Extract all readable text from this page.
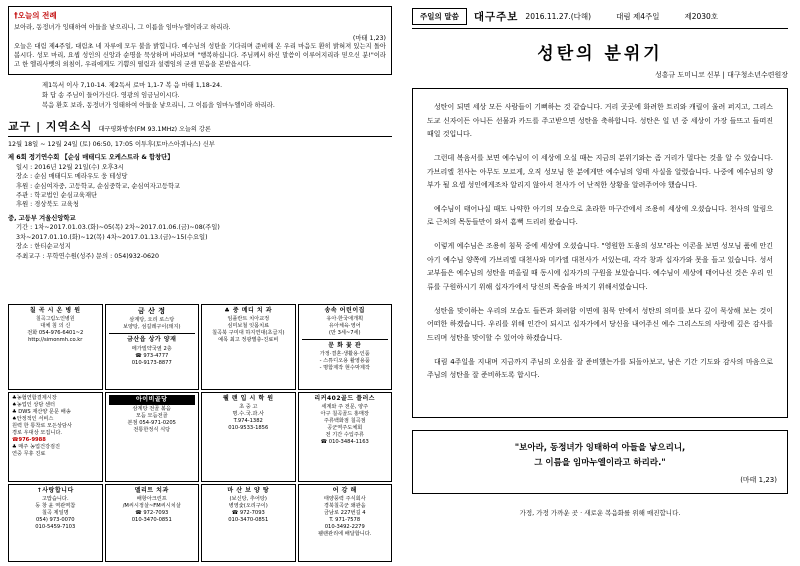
†오늘의 전례
보아라, 동정녀가 잉태하여 아들을 낳으리니, 그 이름을 임마누엘이라고 하리라.
(마태 1,23)
오늘은 대림 제4주일, 대림초 네 자루에 모두 불을 밝힙니다. 예수님의 성탄을 기다리며 준비해 온 우리 마음도 환히 밝혀져 있는지 돌아봅시다. 성모 마리, 요셉 성인의 신앙과 순명을 묵상하며 바라보며 "행복하십니다. 주님께서 하신 말씀이 이루어지리라 믿으신 분!"이라고 한 엘리사벳의 외침이, 우리에게도 기쁨의 떨림과 설렘임의 굳센 믿음을 본받읍시다.
제1독서 이사 7,10-14. 제2독서 로마 1,1-7 복 음 마태 1,18-24.
화 답 송 주님이 들어가신다. 영광의 임금님이시다.
복음 환호 보라, 동정녀가 잉태하여 아들을 낳으리니, 그 이름을 임마누엘이라 하리라.
교구 | 지역소식 대구평화방송(FM 93.1MHz) 오늘의 강론
12월 18일 ~ 12월 24일 (토) 06:50, 17:05 이투후(토마스아퀴나스) 신부
제 6회 정기연수회 【순심 매태디도 오케스트라 & 합창단】
일시 : 2016년 12월 21일(수) 오후3시
장소 : 순심 매태디도 메라우도 웅 테성당
후원 : 순심여자중, 고등학교, 순심중학교, 순심여자고등학교
주관 : 학교법인 순심교육재단
후원 : 경상북도 교육청
중, 고등부 겨울신앙학교
기간 : 1차~2017.01.03.(화)~05(목) 2차~2017.01.06.(금)~08(주일)
3차~2017.01.10.(화)~12(목) 4차~2017.01.13.(금)~15(수요일)
장소 : 한티순교성지
주최교구 : 무학연수원(성주) 문의 : 054)932-0620
칠 곡 시 온 병 원
칠곡그림노인병원
대체 침 의 신
전화 054-976-6401~2
http://simonmh.co.kr
금 산 정
삼계탕, 오리 로스탕
보양탕, 섬길레구이(돼지)
금산읍 상가 양재
메가빌약국옆 2층
☎ 973-4777
010-9173-8877
♣ 중 메디 치 과
임플란트 치아교정
심미보철 잇몸치료
칠곡북 구미대 하지연대(초급지)
예목 최고 정광별층-진료비
송속 어린이집
유아·한국애개획
유아체육·영어
(만 3세~7세)
문 화 꽃 관
가정·결혼·생활용·인품
- 스튜디오용 촬영용품
- 명함제작 현수막제작
♣농협연합결제시장
♠농업인 상담 센터
♣ DWS 재산양 문문 배송
♠안정적인 서비스
원력 한 통착로 모든상담사
경로 우대상 모집니다.
☎976-9988
♣ 매주 농업건강검진
연중 무휴 진료
아이비골당
삼계탕 전골 볶음
모듬 모듬전골
본점 054-971-0205
전통한정식 식당
웰 랜 입 시 학 원
초 중 고
명.수.국.과.사
T.974-1382
010-9533-1856
리커402골드 플러스
세계와 주 전문, 양주
아구 칠곡골드 홍매장
주류백화점 칠곡점
공군역주도체회
전 기간 수입주류
☎ 010-3484-1163
↑사랑합니다
고맙습니다.
동 창 윤 역관역참
칠곡 제일명
054) 973-0070
010-5459-7103
멜리트 치과
배항아크린프
/M씨시정살~FM씨시치살
☎ 972-7093
010-3470-0851
마 산 보 양 탕
(보신탕, 추어탕)
병영숯(오리구이)
☎ 972-7093
010-3470-0851
어 강 해
태양풍력 주식회사
경북칠곡군 왜관읍
금남로 227번길 4
T. 971-7578
010-3492-2279
웰랜관리에 배달합니다.
주일의 말씀	대구주보 2016.11.27.(다해)	대림 제4주일	제2030호
성탄의 분위기
성흥규 도미니코 신부 | 대구청소년수련원장

성탄이 되면 세상 모든 사람들이 기뻐하는 것 같습니다. 거리 곳곳에 화려한 트리와 캐릴이 울려 퍼지고, 그리스도교 신자이든 아니든 선물과 카드를 주고받으면 성탄을 축하합니다. 성탄은 일 년 중 세상이 가장 들뜨고 들떠진 때일 것입니다.

그런데 복음서를 보면 예수님이 이 세상에 오실 때는 지금의 분위기와는 좀 거리가 멀다는 것을 알 수 있습니다. 가브리엘 천사는 아무도 모르게, 오직 성모님 한 분에게만 예수님의 잉태 사실을 알렸습니다. 나중에 예수님의 양부가 될 요셉 성인에게조차 알리지 않아서 천사가 어 난적한 상황을 알려주어야 했습니다.

예수님이 태어나실 때도 나약한 아기의 모습으로 초라한 마구간에서 조용히 세상에 오셨습니다. 천사의 알림으로 근처의 목동들만이 와서 흠뻑 드리러 왔습니다.

이렇게 예수님은 조용히 침묵 중에 세상에 오셨습니다. "영원한 도움의 성모"라는 이콘을 보면 성모님 품에 안긴 아기 예수님 양쪽에 가브리엘 대천사와 미카엘 대천사가 서있는데, 각각 창과 십자가와 못을 들고 있습니다. 성서 교부들은 예수님의 성탄을 떠올릴 때 동시에 십자가의 구원을 보았습니다. 예수님이 세상에 태어나신 것은 우리 인류를 구원하시기 위해 십자가에서 당신의 목숨을 바치기 위해서였습니다.

성탄을 맞이하는 우리의 모습도 들뜬과 화려함 이면에 침묵 안에서 성탄의 의미를 보다 깊이 묵상해 보는 것이 어떠한 하겠습니다. 우리를 위해 인간이 되시고 십자가에서 당신을 내어주신 예수 그리스도의 사랑에 깊은 감사를 드리며 성탄을 맞이할 수 있어야 하겠습니다.

대림 4주일을 지내며 지금까지 주님의 오심을 잘 준비했는가를 되돌아보고, 남은 기간 기도와 감사의 마음으로 주님의 성탄을 잘 준비하도록 합시다.

"보아라, 동정녀가 잉태하여 아들을 낳으리니,
그 이름을 임마누엘이라고 하리라."
(마태 1,23)
가정, 가정 가까운 곳 · 새로운 복음화를 위해 매진합니다.
